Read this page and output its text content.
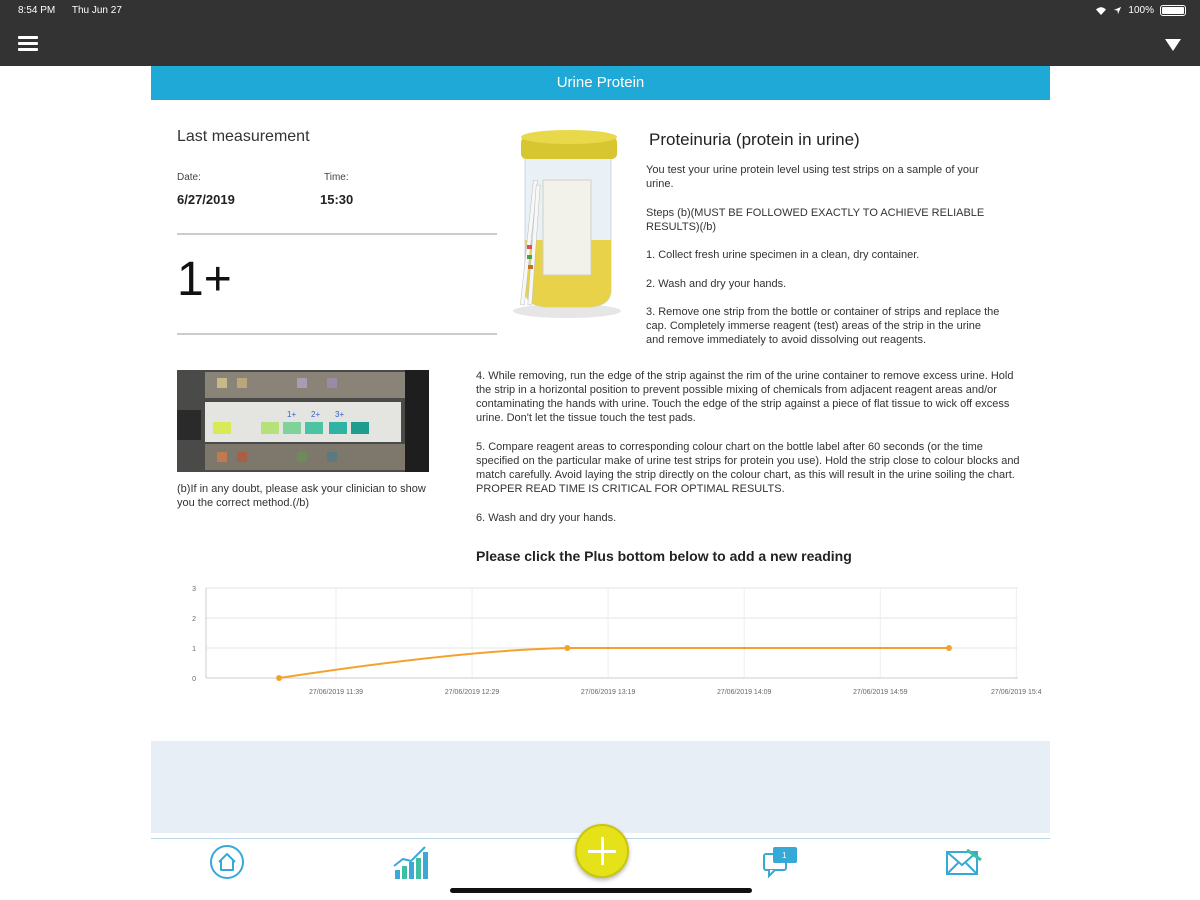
8:54 PM Thu Jun 27	100%
Urine Protein
Last measurement
Date:
6/27/2019
Time:
15:30
1+
1+ 2+ 3+
(b)If in any doubt, please ask your clinician to show you the correct method.(/b)
Proteinuria (protein in urine)
You test your urine protein level using test strips on a sample of your urine.
Steps (b)(MUST BE FOLLOWED EXACTLY TO ACHIEVE RELIABLE RESULTS)(/b)
1. Collect fresh urine specimen in a clean, dry container.
2. Wash and dry your hands.
3. Remove one strip from the bottle or container of strips and replace the cap. Completely immerse reagent (test) areas of the strip in the urine and remove immediately to avoid dissolving out reagents.
4. While removing, run the edge of the strip against the rim of the urine container to remove excess urine. Hold the strip in a horizontal position to prevent possible mixing of chemicals from adjacent reagent areas and/or contaminating the hands with urine. Touch the edge of the strip against a piece of flat tissue to wick off excess urine. Don't let the tissue touch the test pads.
5. Compare reagent areas to corresponding colour chart on the bottle label after 60 seconds (or the time specified on the particular make of urine test strips for protein you use). Hold the strip close to colour blocks and match carefully. Avoid laying the strip directly on the colour chart, as this will result in the urine soiling the chart. PROPER READ TIME IS CRITICAL FOR OPTIMAL RESULTS.
6. Wash and dry your hands.
Please click the Plus bottom below to add a new reading
0
1
2
3
27/06/2019 11:39	27/06/2019 12:29	27/06/2019 13:19	27/06/2019 14:09	27/06/2019 14:59	27/06/2019 15:4
1
